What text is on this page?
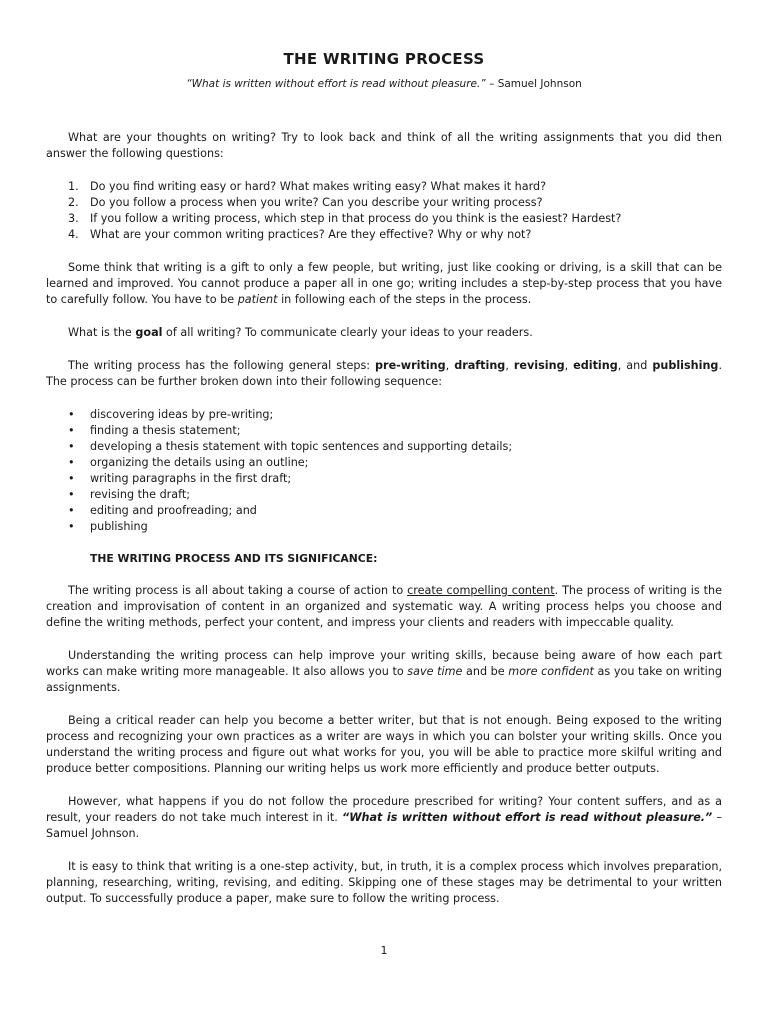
THE WRITING PROCESS

“What is written without effort is read without pleasure.” – Samuel Johnson

What are your thoughts on writing? Try to look back and think of all the writing assignments that you did then answer the following questions:

1. Do you find writing easy or hard? What makes writing easy? What makes it hard?
2. Do you follow a process when you write? Can you describe your writing process?
3. If you follow a writing process, which step in that process do you think is the easiest? Hardest?
4. What are your common writing practices? Are they effective? Why or why not?

Some think that writing is a gift to only a few people, but writing, just like cooking or driving, is a skill that can be learned and improved. You cannot produce a paper all in one go; writing includes a step-by-step process that you have to carefully follow. You have to be patient in following each of the steps in the process.

What is the goal of all writing? To communicate clearly your ideas to your readers.

The writing process has the following general steps: pre-writing, drafting, revising, editing, and publishing. The process can be further broken down into their following sequence:

• discovering ideas by pre-writing;
• finding a thesis statement;
• developing a thesis statement with topic sentences and supporting details;
• organizing the details using an outline;
• writing paragraphs in the first draft;
• revising the draft;
• editing and proofreading; and
• publishing

THE WRITING PROCESS AND ITS SIGNIFICANCE:

The writing process is all about taking a course of action to create compelling content. The process of writing is the creation and improvisation of content in an organized and systematic way. A writing process helps you choose and define the writing methods, perfect your content, and impress your clients and readers with impeccable quality.

Understanding the writing process can help improve your writing skills, because being aware of how each part works can make writing more manageable. It also allows you to save time and be more confident as you take on writing assignments.

Being a critical reader can help you become a better writer, but that is not enough. Being exposed to the writing process and recognizing your own practices as a writer are ways in which you can bolster your writing skills. Once you understand the writing process and figure out what works for you, you will be able to practice more skilful writing and produce better compositions. Planning our writing helps us work more efficiently and produce better outputs.

However, what happens if you do not follow the procedure prescribed for writing? Your content suffers, and as a result, your readers do not take much interest in it. “What is written without effort is read without pleasure.” – Samuel Johnson.

It is easy to think that writing is a one-step activity, but, in truth, it is a complex process which involves preparation, planning, researching, writing, revising, and editing. Skipping one of these stages may be detrimental to your written output. To successfully produce a paper, make sure to follow the writing process.

1
